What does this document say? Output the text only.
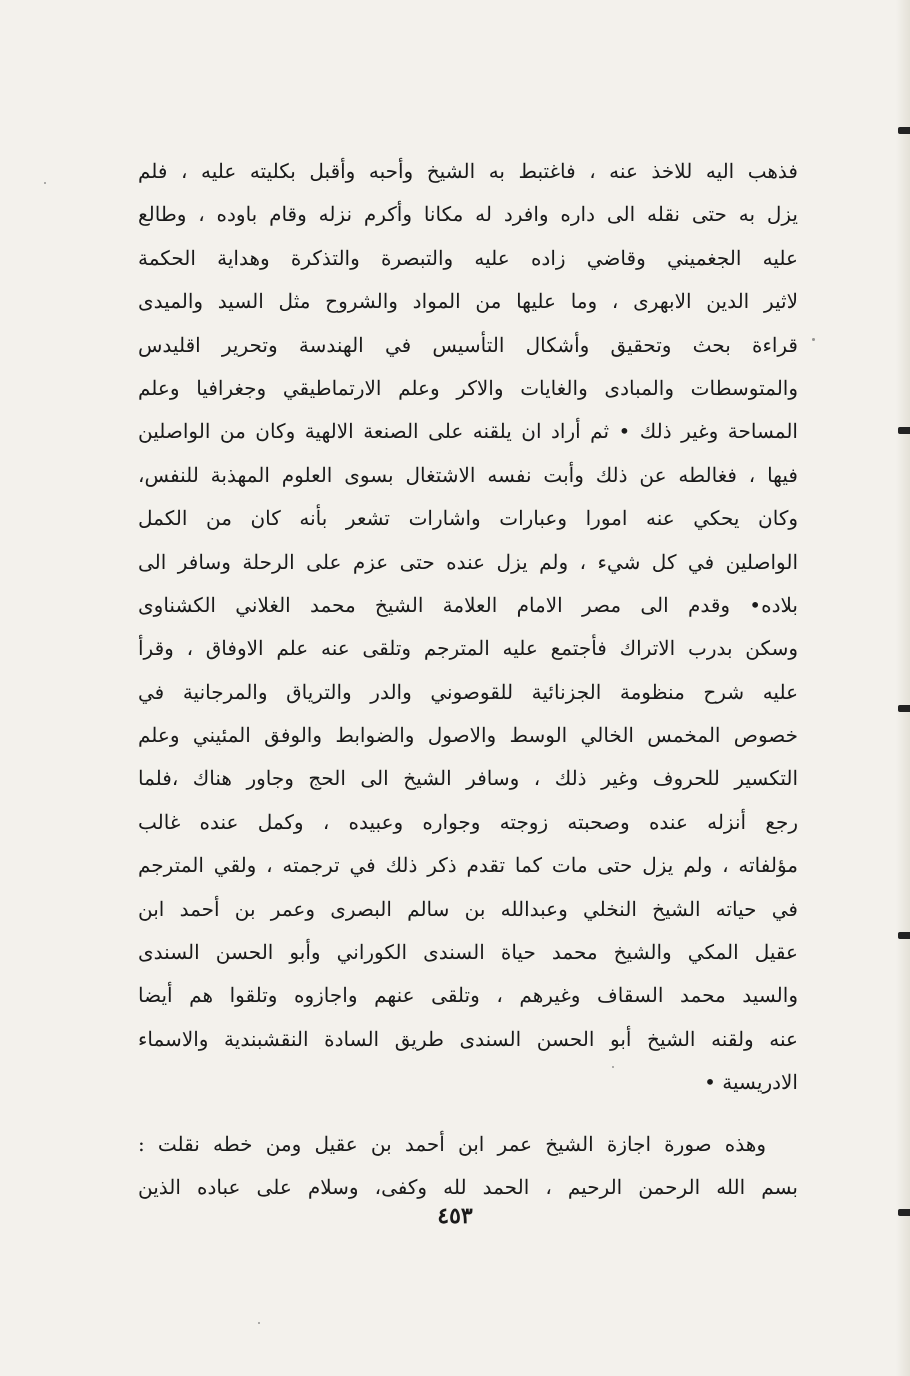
فذهب اليه للاخذ عنه ، فاغتبط به الشيخ وأحبه وأقبل بكليته عليه ، فلم
يزل به حتى نقله الى داره وافرد له مكانا وأكرم نزله وقام باوده ، وطالع
عليه الجغميني وقاضي زاده عليه والتبصرة والتذكرة وهداية الحكمة
لاثير الدين الابهرى ، وما عليها من المواد والشروح مثل السيد والميدى
قراءة بحث وتحقيق وأشكال التأسيس في الهندسة وتحرير اقليدس
والمتوسطات والمبادى والغايات والاكر وعلم الارتماطيقي وجغرافيا وعلم
المساحة وغير ذلك • ثم أراد ان يلقنه على الصنعة الالهية وكان من الواصلين
فيها ، فغالطه عن ذلك وأبت نفسه الاشتغال بسوى العلوم المهذبة للنفس،
وكان يحكي عنه امورا وعبارات واشارات تشعر بأنه كان من الكمل
الواصلين في كل شيء ، ولم يزل عنده حتى عزم على الرحلة وسافر الى
بلاده• وقدم الى مصر الامام العلامة الشيخ محمد الغلاني الكشناوى
وسكن بدرب الاتراك فأجتمع عليه المترجم وتلقى عنه علم الاوفاق ، وقرأ
عليه شرح منظومة الجزنائية للقوصوني والدر والترياق والمرجانية في
خصوص المخمس الخالي الوسط والاصول والضوابط والوفق المئيني وعلم
التكسير للحروف وغير ذلك ، وسافر الشيخ الى الحج وجاور هناك ،فلما
رجع أنزله عنده وصحبته زوجته وجواره وعبيده ، وكمل عنده غالب
مؤلفاته ، ولم يزل حتى مات كما تقدم ذكر ذلك في ترجمته ، ولقي المترجم
في حياته الشيخ النخلي وعبدالله بن سالم البصرى وعمر بن أحمد ابن
عقيل المكي والشيخ محمد حياة السندى الكوراني وأبو الحسن السندى
والسيد محمد السقاف وغيرهم ، وتلقى عنهم واجازوه وتلقوا هم أيضا
عنه ولقنه الشيخ أبو الحسن السندى طريق السادة النقشبندية والاسماء
الادريسية •
وهذه صورة اجازة الشيخ عمر ابن أحمد بن عقيل ومن خطه نقلت :
بسم الله الرحمن الرحيم ، الحمد لله وكفى، وسلام على عباده الذين
٤٥٣
